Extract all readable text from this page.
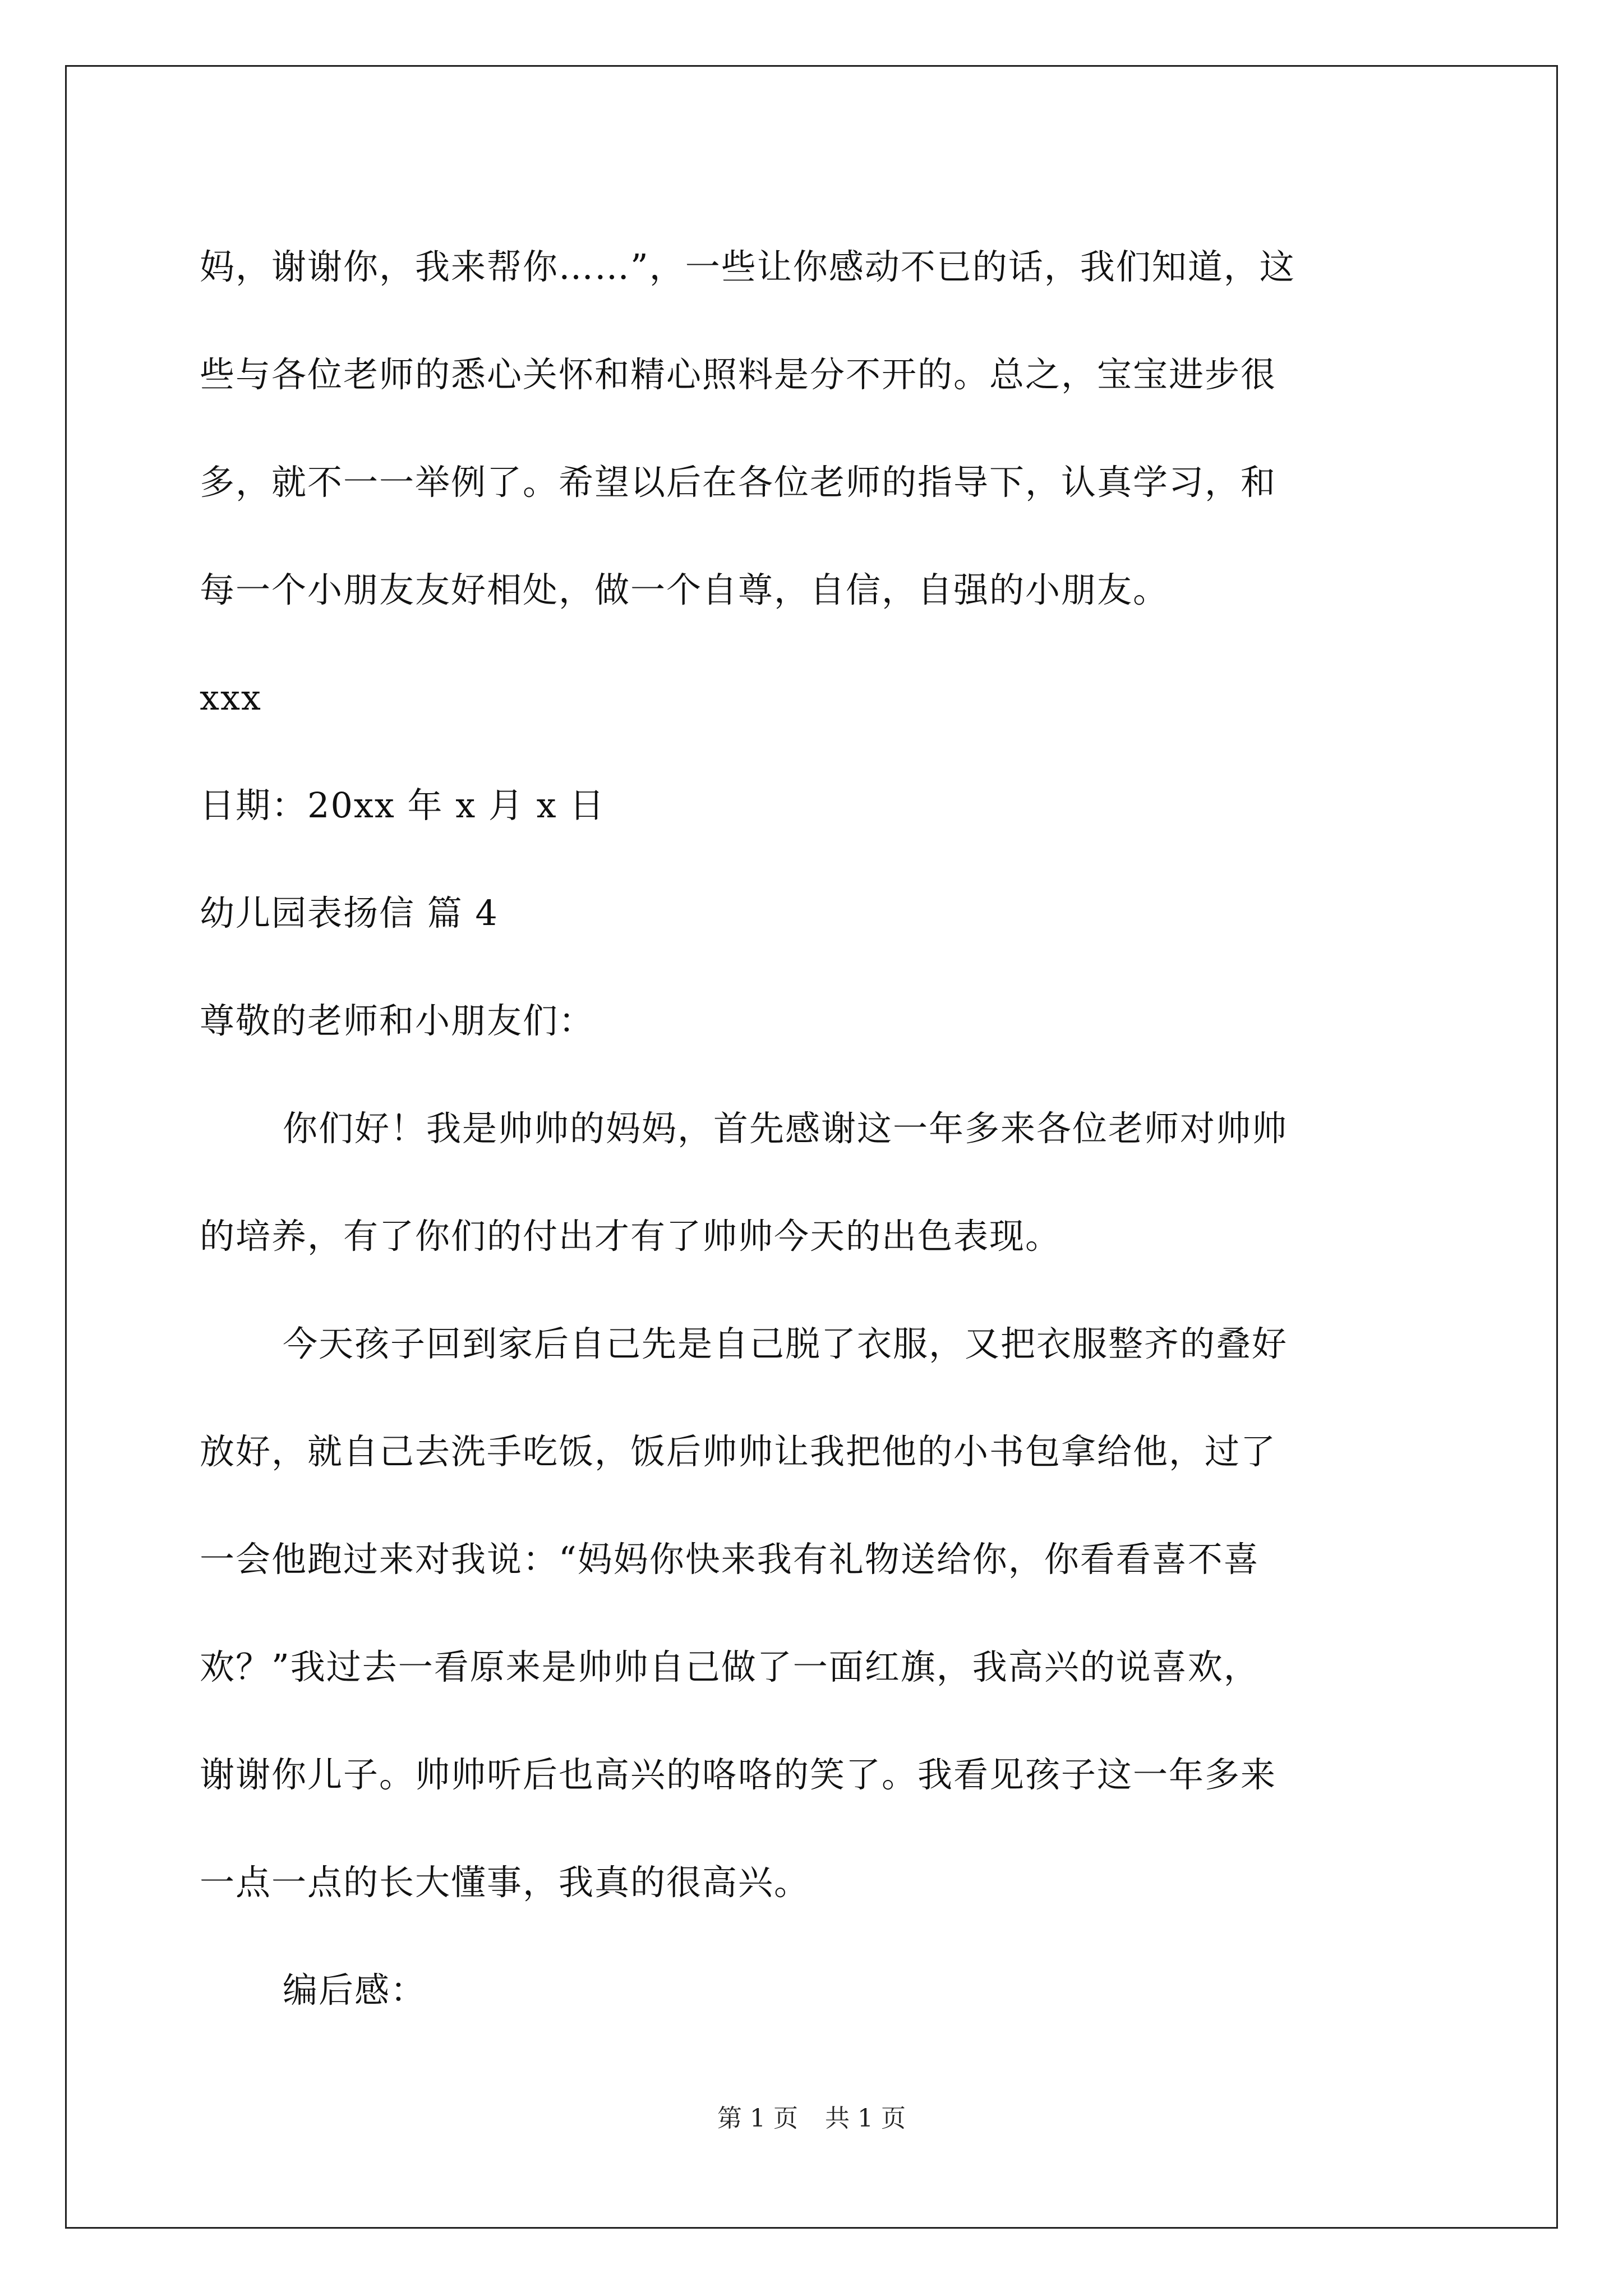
妈，谢谢你，我来帮你……”，一些让你感动不已的话，我们知道，这
些与各位老师的悉心关怀和精心照料是分不开的。总之，宝宝进步很
多，就不一一举例了。希望以后在各位老师的指导下，认真学习，和
每一个小朋友友好相处，做一个自尊，自信，自强的小朋友。
xxx
日期：20xx 年 x 月 x 日
幼儿园表扬信 篇 4
尊敬的老师和小朋友们：
你们好！我是帅帅的妈妈，首先感谢这一年多来各位老师对帅帅
的培养，有了你们的付出才有了帅帅今天的出色表现。
今天孩子回到家后自己先是自己脱了衣服，又把衣服整齐的叠好
放好，就自己去洗手吃饭，饭后帅帅让我把他的小书包拿给他，过了
一会他跑过来对我说：“妈妈你快来我有礼物送给你，你看看喜不喜
欢？”我过去一看原来是帅帅自己做了一面红旗，我高兴的说喜欢，
谢谢你儿子。帅帅听后也高兴的咯咯的笑了。我看见孩子这一年多来
一点一点的长大懂事，我真的很高兴。
编后感：
第 1 页 共 1 页
